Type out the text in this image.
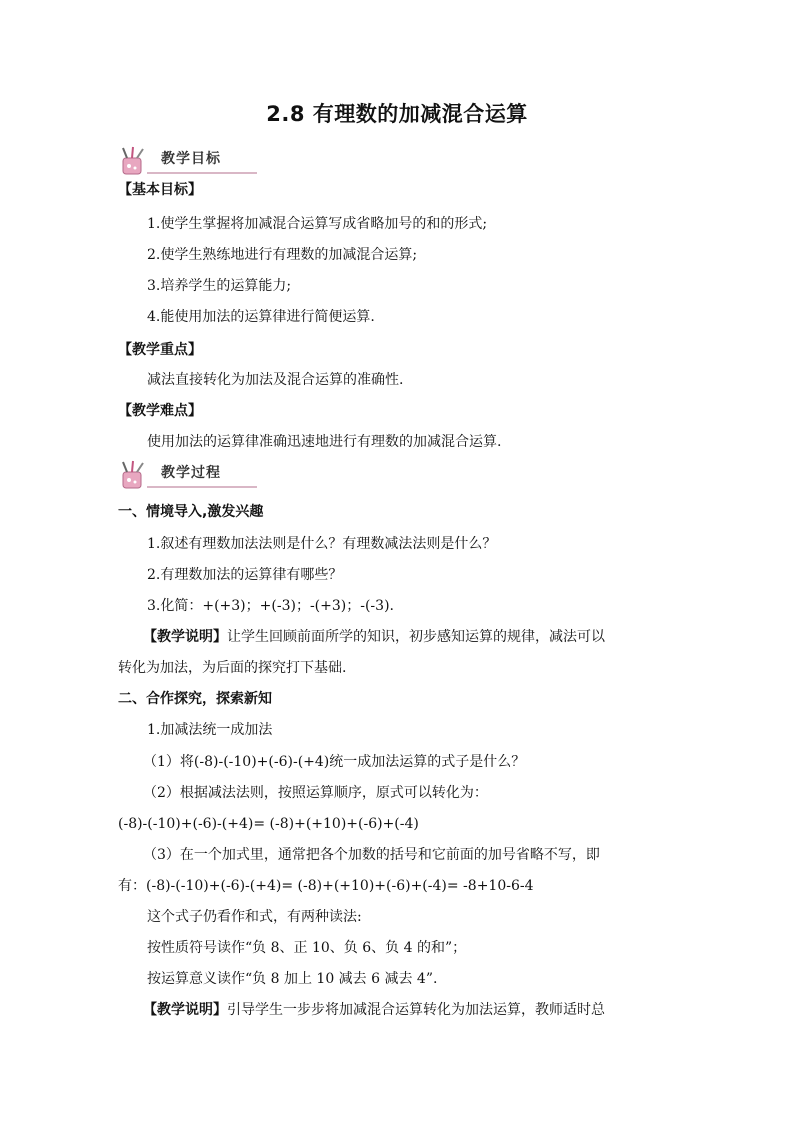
2.8 有理数的加减混合运算
教学目标
【基本目标】
1.使学生掌握将加减混合运算写成省略加号的和的形式;
2.使学生熟练地进行有理数的加减混合运算;
3.培养学生的运算能力;
4.能使用加法的运算律进行简便运算.
【教学重点】
减法直接转化为加法及混合运算的准确性.
【教学难点】
使用加法的运算律准确迅速地进行有理数的加减混合运算.
教学过程
一、情境导入,激发兴趣
1.叙述有理数加法法则是什么？有理数减法法则是什么？
2.有理数加法的运算律有哪些？
3.化简：+(+3)；+(-3)；-(+3)；-(-3).
【教学说明】让学生回顾前面所学的知识，初步感知运算的规律，减法可以
转化为加法，为后面的探究打下基础.
二、合作探究，探索新知
1.加减法统一成加法
（1）将(-8)-(-10)+(-6)-(+4)统一成加法运算的式子是什么？
（2）根据减法法则，按照运算顺序，原式可以转化为：
(-8)-(-10)+(-6)-(+4)= (-8)+(+10)+(-6)+(-4)
（3）在一个加式里，通常把各个加数的括号和它前面的加号省略不写，即
有：(-8)-(-10)+(-6)-(+4)= (-8)+(+10)+(-6)+(-4)= -8+10-6-4
这个式子仍看作和式，有两种读法:
按性质符号读作“负 8、正 10、负 6、负 4 的和”；
按运算意义读作“负 8 加上 10 减去 6 减去 4”.
【教学说明】引导学生一步步将加减混合运算转化为加法运算，教师适时总
